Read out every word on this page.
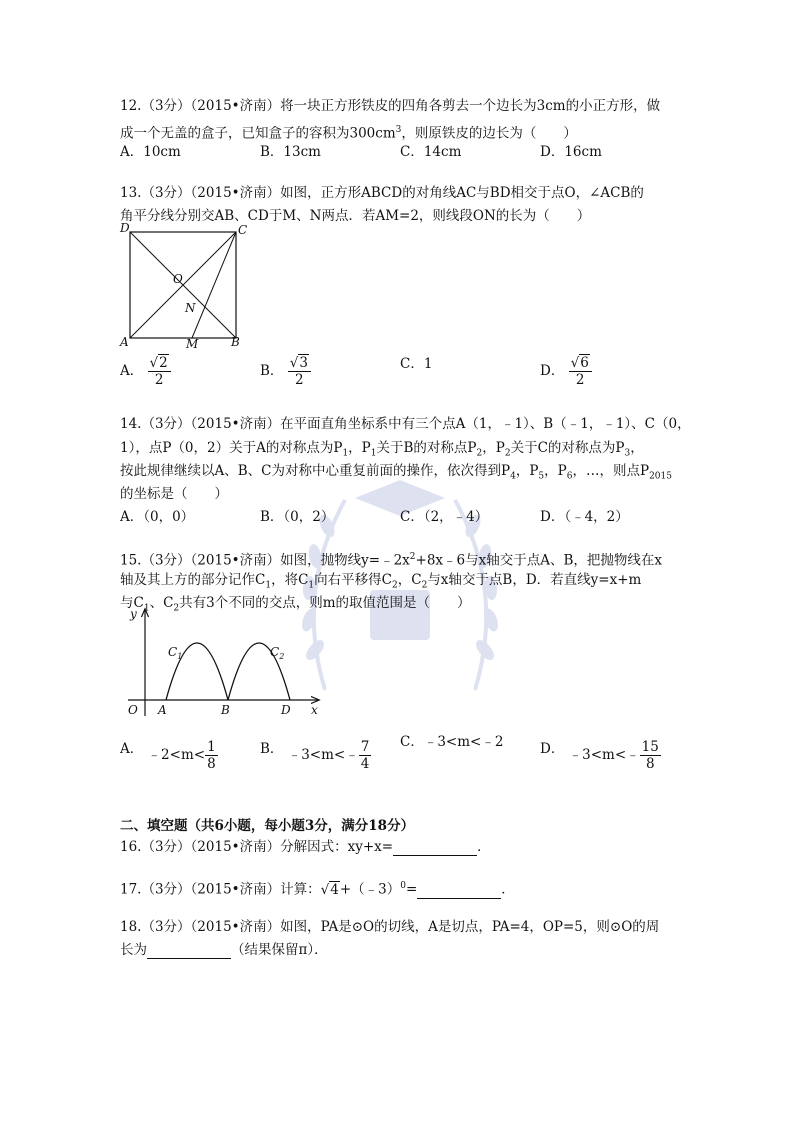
12.（3分）（2015•济南）将一块正方形铁皮的四角各剪去一个边长为3cm的小正方形，做
成一个无盖的盒子，已知盒子的容积为$300cm^3$，则原铁皮的边长为（　　）
A．10cm	B．13cm	C．14cm	D．16cm
13.（3分）（2015•济南）如图，正方形ABCD的对角线AC与BD相交于点O，∠ACB的
角平分线分别交AB、CD于M、N两点．若AM=2，则线段ON的长为（　　）
D	C
O
N
A	M	B
A． $\frac{√2}{2}$	B． $\frac{√3}{2}$	C．1	D． $\frac{√6}{2}$
14.（3分）（2015•济南）在平面直角坐标系中有三个点A（1，﹣1）、B（﹣1，﹣1）、C（0，
1），点P（0，2）关于A的对称点为$P_1$，$P_1$关于B的对称点$P_2$，$P_2$关于C的对称点为$P_3$，
按此规律继续以A、B、C为对称中心重复前面的操作，依次得到$P_4$，$P_5$，$P_6$，…，则点$P_{2015}$
的坐标是（　　）
A．（0，0）	B．（0，2）	C．（2，﹣4）	D．（﹣4，2）
15.（3分）（2015•济南）如图，抛物线$y=﹣2x^2+8x﹣6$与x轴交于点A、B，把抛物线在x
轴及其上方的部分记作$C_1$，将$C_1$向右平移得$C_2$，$C_2$与x轴交于点B，D．若直线y=x+m
与$C_1$、$C_2$共有3个不同的交点，则m的取值范围是（　　）
y
x
O A	B	D
$C_1$	$C_2$
A． ﹣2<m< $\frac{1}{8}$	B． ﹣3<m<﹣ $\frac{7}{4}$ C．﹣3<m<﹣2	D． ﹣3<m<﹣ $\frac{15}{8}$
二、填空题（共6小题，每小题3分，满分18分）
16.（3分）（2015•济南）分解因式：xy+x=	．
17.（3分）（2015•济南）计算：√4+（﹣3）$^0$=	．
18.（3分）（2015•济南）如图，PA是⊙O的切线，A是切点，PA=4，OP=5，则⊙O的周
长为	（结果保留π）．
